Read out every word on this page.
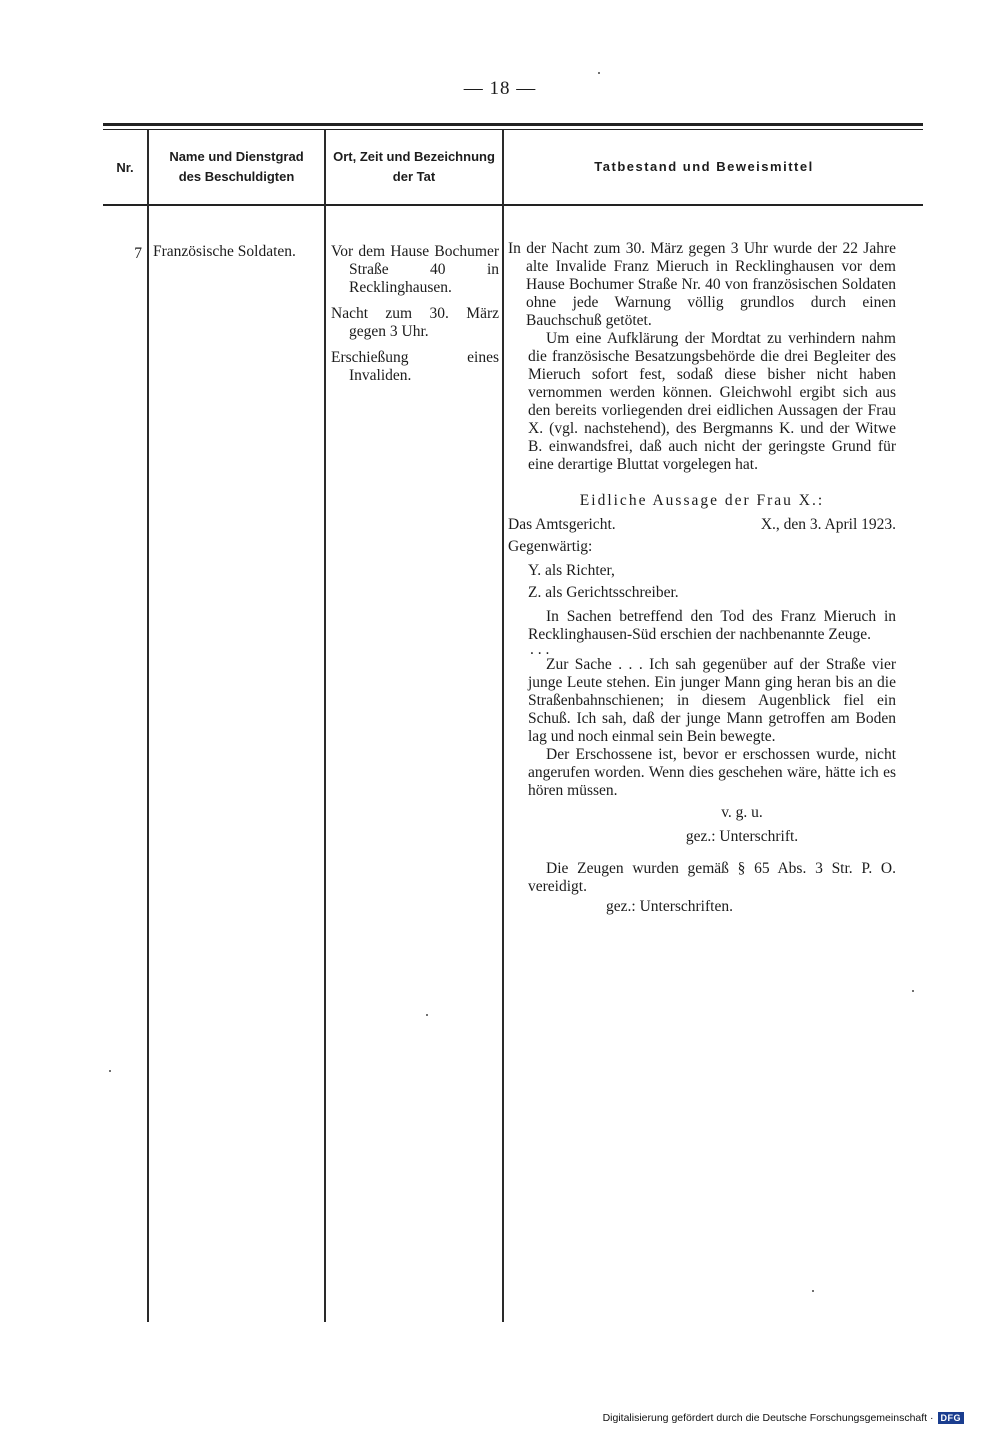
— 18 —
Nr.
Name und Dienstgrad
des Beschuldigten
Ort, Zeit und Bezeichnung
der Tat
Tatbestand und Beweismittel
7 Französische Soldaten.	Vor dem Hause Bochumer Straße 40 in Recklinghausen.
Nacht zum 30. März gegen 3 Uhr.
Erschießung eines Invaliden.
In der Nacht zum 30. März gegen 3 Uhr wurde der 22 Jahre alte Invalide Franz Mieruch in Recklinghausen vor dem Hause Bochumer Straße Nr. 40 von französischen Soldaten ohne jede Warnung völlig grundlos durch einen Bauchschuß getötet.
Um eine Aufklärung der Mordtat zu verhindern nahm die französische Besatzungsbehörde die drei Begleiter des Mieruch sofort fest, sodaß diese bisher nicht haben vernommen werden können. Gleichwohl ergibt sich aus den bereits vorliegenden drei eidlichen Aussagen der Frau X. (vgl. nachstehend), des Bergmanns K. und der Witwe B. einwandsfrei, daß auch nicht der geringste Grund für eine derartige Bluttat vorgelegen hat.
Eidliche Aussage der Frau X.:
Das Amtsgericht.	X., den 3. April 1923.
Gegenwärtig:
Y. als Richter,
Z. als Gerichtsschreiber.
In Sachen betreffend den Tod des Franz Mieruch in Recklinghausen-Süd erschien der nachbenannte Zeuge.
. . .
Zur Sache . . . Ich sah gegenüber auf der Straße vier junge Leute stehen. Ein junger Mann ging heran bis an die Straßenbahnschienen; in diesem Augenblick fiel ein Schuß. Ich sah, daß der junge Mann getroffen am Boden lag und noch einmal sein Bein bewegte.
Der Erschossene ist, bevor er erschossen wurde, nicht angerufen worden. Wenn dies geschehen wäre, hätte ich es hören müssen.
v. g. u.
gez.: Unterschrift.
Die Zeugen wurden gemäß § 65 Abs. 3 Str. P. O. vereidigt.
gez.: Unterschriften.
Digitalisierung gefördert durch die Deutsche Forschungsgemeinschaft · DFG
